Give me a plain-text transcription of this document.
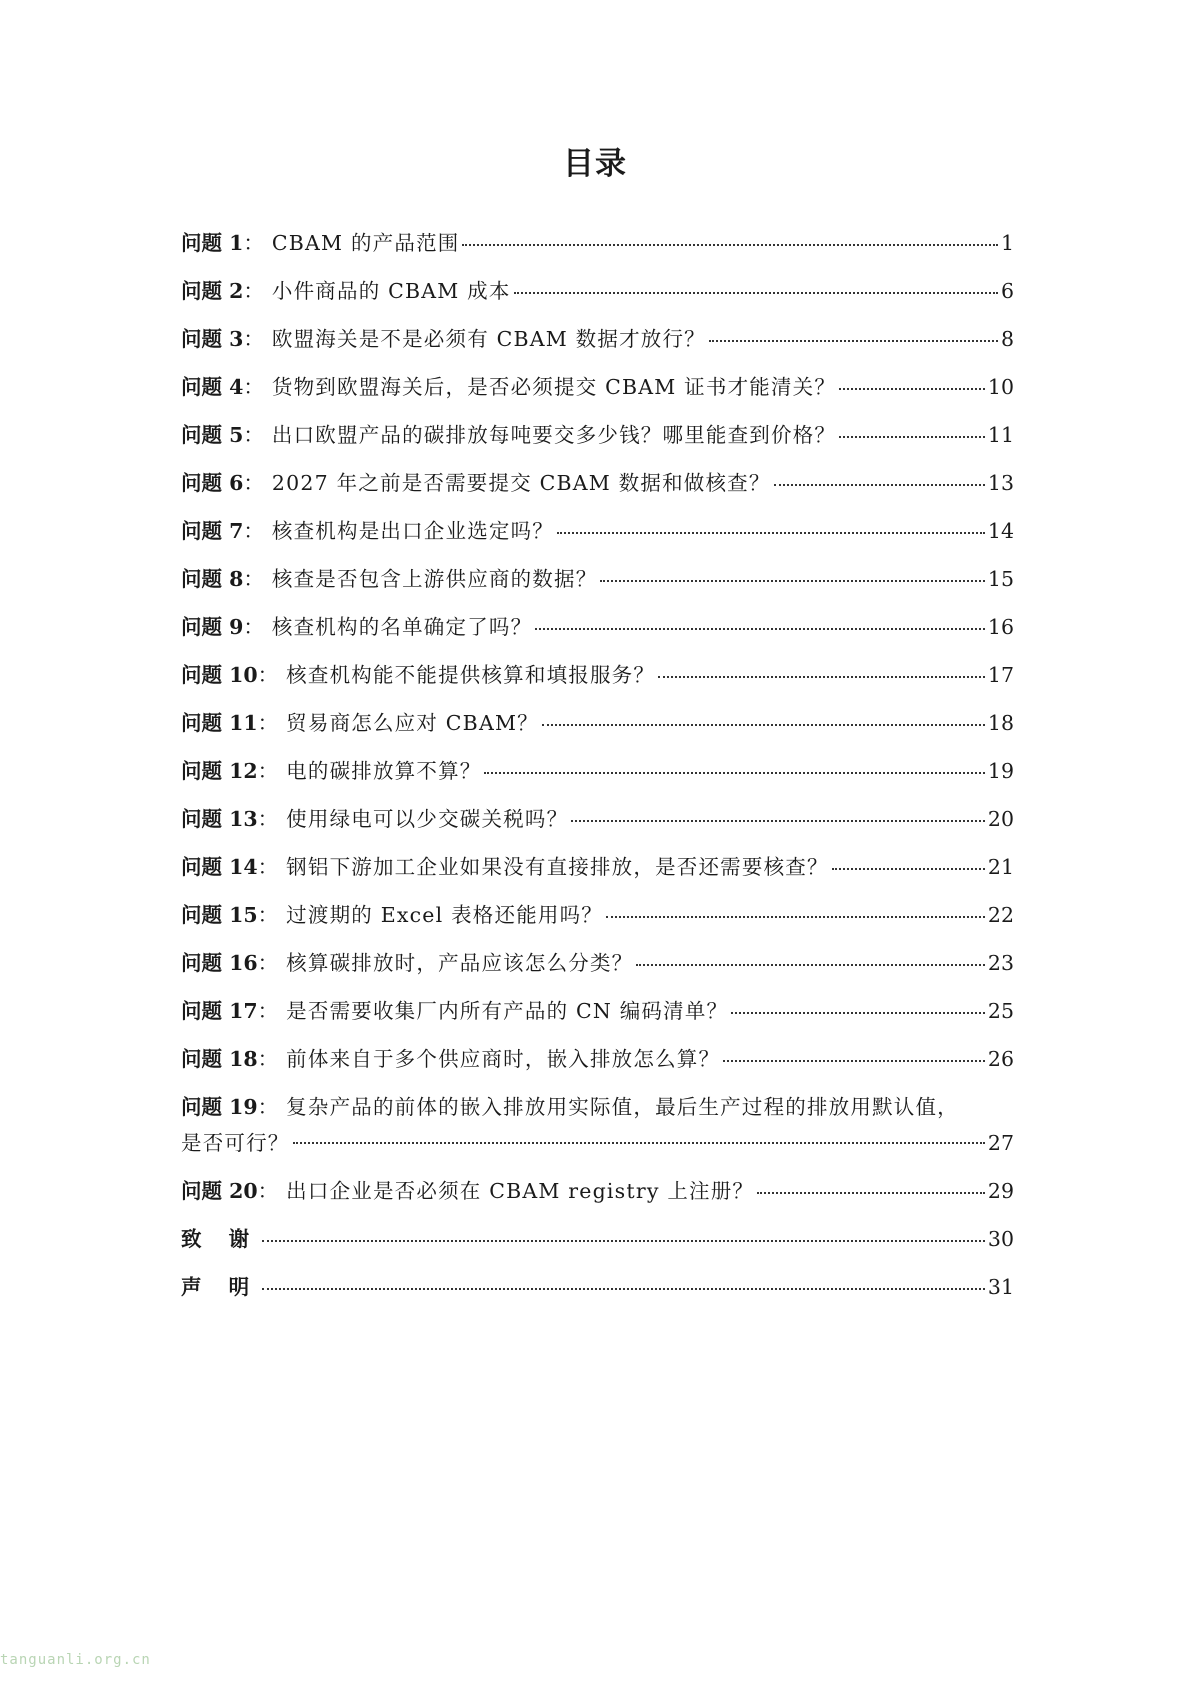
目录
问题 1 ： CBAM 的产品范围	1
问题 2 ： 小件商品的 CBAM 成本	6
问题 3 ： 欧盟海关是不是必须有 CBAM 数据才放行？	8
问题 4 ： 货物到欧盟海关后，是否必须提交 CBAM 证书才能清关？	10
问题 5 ： 出口欧盟产品的碳排放每吨要交多少钱？哪里能查到价格？	11
问题 6 ： 2027 年之前是否需要提交 CBAM 数据和做核查？	13
问题 7 ： 核查机构是出口企业选定吗？	14
问题 8 ： 核查是否包含上游供应商的数据？	15
问题 9 ： 核查机构的名单确定了吗？	16
问题 10 ： 核查机构能不能提供核算和填报服务？	17
问题 11 ： 贸易商怎么应对 CBAM？	18
问题 12 ： 电的碳排放算不算？	19
问题 13 ： 使用绿电可以少交碳关税吗？	20
问题 14 ： 钢铝下游加工企业如果没有直接排放，是否还需要核查？	21
问题 15 ： 过渡期的 Excel 表格还能用吗？	22
问题 16 ： 核算碳排放时，产品应该怎么分类？	23
问题 17 ： 是否需要收集厂内所有产品的 CN 编码清单？	25
问题 18 ： 前体来自于多个供应商时，嵌入排放怎么算？	26
问题 19： 复杂产品的前体的嵌入排放用实际值，最后生产过程的排放用默认值，
是否可行？	27
问题 20 ： 出口企业是否必须在 CBAM registry 上注册？	29
致 谢	30
声 明	31
tanguanli.org.cn
